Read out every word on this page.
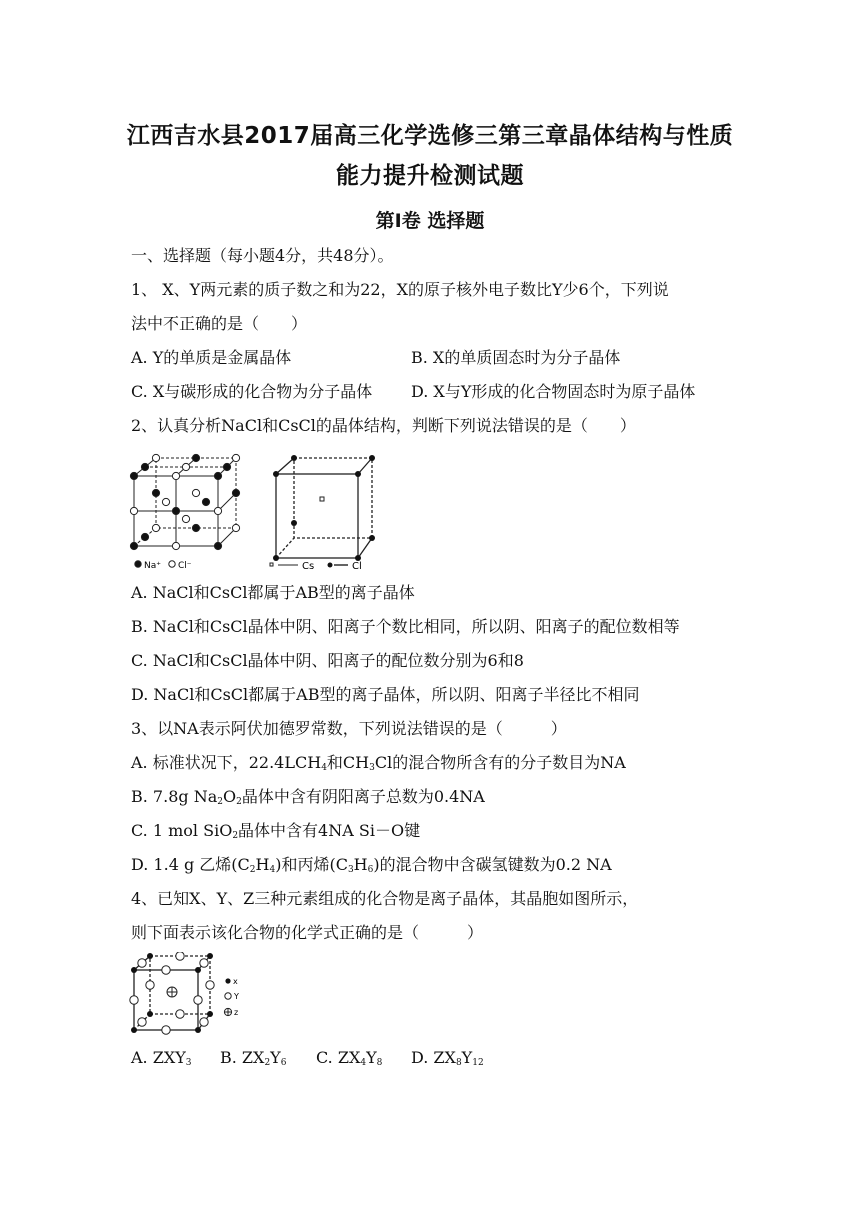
江西吉水县2017届高三化学选修三第三章晶体结构与性质
能力提升检测试题
第Ⅰ卷 选择题
一、选择题（每小题4分，共48分）。
1、 X、Y两元素的质子数之和为22，X的原子核外电子数比Y少6个，下列说
法中不正确的是（　　）
A. Y的单质是金属晶体	B. X的单质固态时为分子晶体
C. X与碳形成的化合物为分子晶体 D. X与Y形成的化合物固态时为原子晶体
2、认真分析NaCl和CsCl的晶体结构，判断下列说法错误的是（　　）
Na⁺ Cl⁻	Cs	Cl
A. NaCl和CsCl都属于AB型的离子晶体
B. NaCl和CsCl晶体中阴、阳离子个数比相同，所以阴、阳离子的配位数相等
C. NaCl和CsCl晶体中阴、阳离子的配位数分别为6和8
D. NaCl和CsCl都属于AB型的离子晶体，所以阴、阳离子半径比不相同
3、以NA表示阿伏加德罗常数，下列说法错误的是（　　　）
A. 标准状况下，$22.4LCH_4$和$CH_3Cl$的混合物所含有的分子数目为NA
B. 7.8g $Na_2O_2$晶体中含有阴阳离子总数为0.4NA
C. 1 mol SiO$_2$晶体中含有4NA Si－O键
D. 1.4 g 乙烯$(C_2H_4)$和丙烯$(C_3H_6)$的混合物中含碳氢键数为0.2 NA
4、已知X、Y、Z三种元素组成的化合物是离子晶体，其晶胞如图所示，
则下面表示该化合物的化学式正确的是（　　　）
x
Y
z
A. $ZXY_3$ B. $ZX_2Y_6$ C. $ZX_4Y_8$ D. $ZX_8Y_{12}$
